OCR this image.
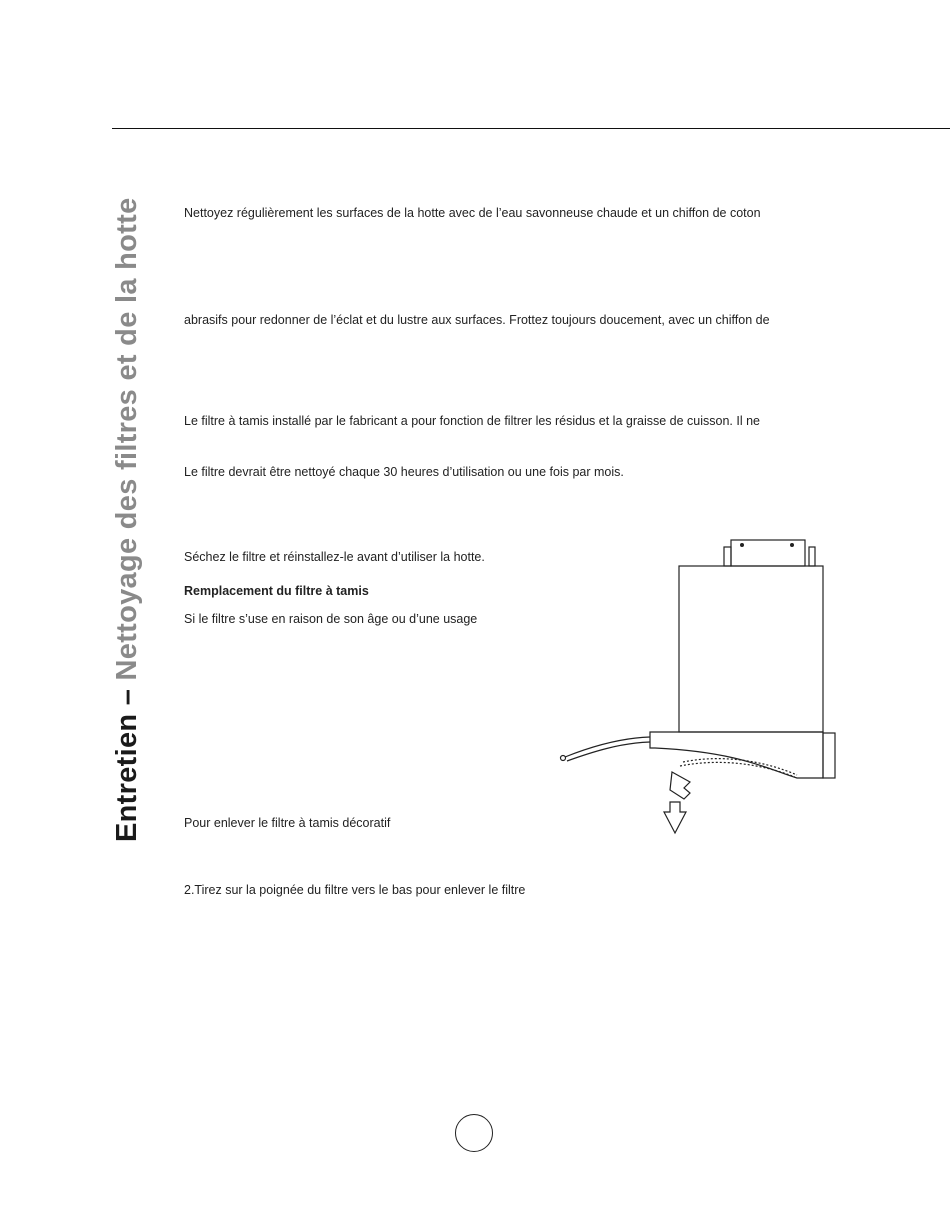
Entretien – Nettoyage des filtres et de la hotte	Nettoyez régulièrement les surfaces de la hotte avec de l’eau savonneuse chaude et un chiffon de coton

abrasifs pour redonner de l’éclat et du lustre aux surfaces. Frottez toujours doucement, avec un chiffon de

Le filtre à tamis installé par le fabricant a pour fonction de filtrer les résidus et la graisse de cuisson. Il ne

Le filtre devrait être nettoyé chaque 30 heures d’utilisation ou une fois par mois.

Séchez le filtre et réinstallez-le avant d’utiliser la hotte.

Remplacement du filtre à tamis

Si le filtre s’use en raison de son âge ou d’une usage

Pour enlever le filtre à tamis décoratif

2.Tirez sur la poignée du filtre vers le bas pour enlever le filtre
